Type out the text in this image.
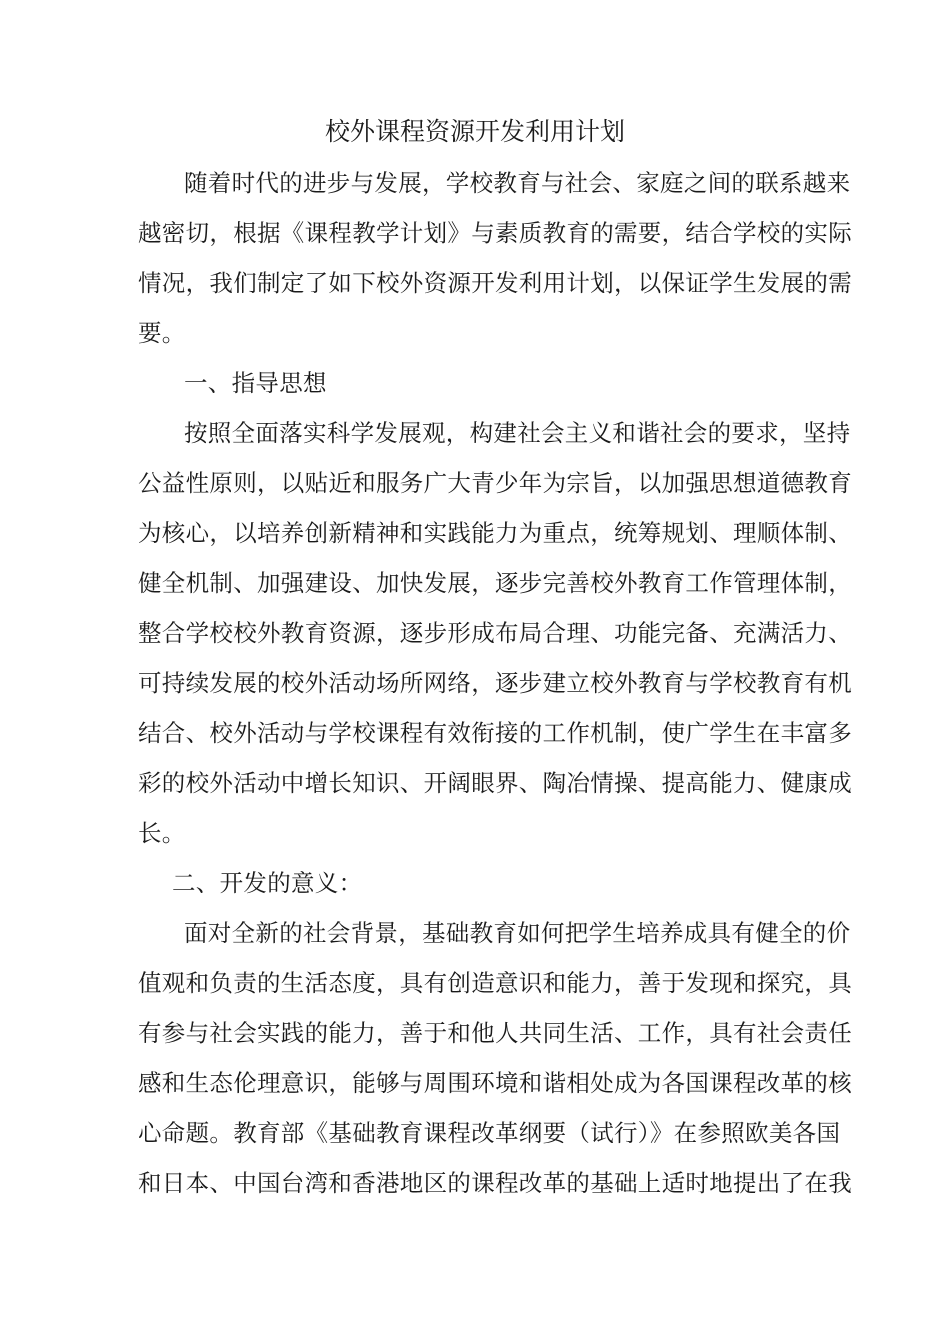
校外课程资源开发利用计划
随着时代的进步与发展，学校教育与社会、家庭之间的联系越来
越密切，根据《课程教学计划》与素质教育的需要，结合学校的实际
情况，我们制定了如下校外资源开发利用计划，以保证学生发展的需
要。
一、指导思想
按照全面落实科学发展观，构建社会主义和谐社会的要求，坚持
公益性原则，以贴近和服务广大青少年为宗旨，以加强思想道德教育
为核心，以培养创新精神和实践能力为重点，统筹规划、理顺体制、
健全机制、加强建设、加快发展，逐步完善校外教育工作管理体制，
整合学校校外教育资源，逐步形成布局合理、功能完备、充满活力、
可持续发展的校外活动场所网络，逐步建立校外教育与学校教育有机
结合、校外活动与学校课程有效衔接的工作机制，使广学生在丰富多
彩的校外活动中增长知识、开阔眼界、陶冶情操、提高能力、健康成
长。
二、开发的意义：
面对全新的社会背景，基础教育如何把学生培养成具有健全的价
值观和负责的生活态度，具有创造意识和能力，善于发现和探究，具
有参与社会实践的能力，善于和他人共同生活、工作，具有社会责任
感和生态伦理意识，能够与周围环境和谐相处成为各国课程改革的核
心命题。教育部《基础教育课程改革纲要（试行）》在参照欧美各国
和日本、中国台湾和香港地区的课程改革的基础上适时地提出了在我
